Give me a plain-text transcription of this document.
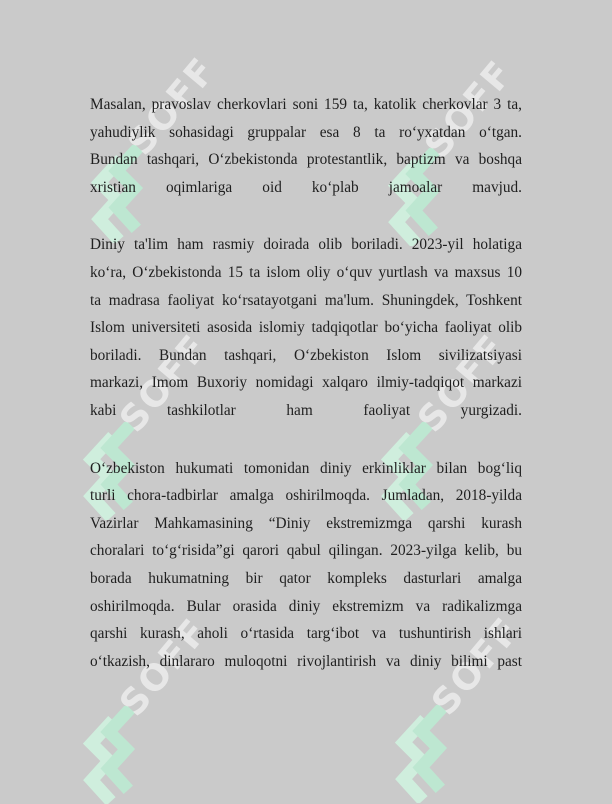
SOFF	SOFF
SOFF	SOFF
SOFF	SOFF

Masalan, pravoslav cherkovlari soni 159 ta, katolik cherkovlar 3 ta,
yahudiylik sohasidagi gruppalar esa 8 ta ro‘yxatdan o‘tgan.
Bundan tashqari, O‘zbekistonda protestantlik, baptizm va boshqa
xristian oqimlariga oid ko‘plab jamoalar mavjud.

Diniy ta'lim ham rasmiy doirada olib boriladi. 2023-yil holatiga
ko‘ra, O‘zbekistonda 15 ta islom oliy o‘quv yurtlash va maxsus 10
ta madrasa faoliyat ko‘rsatayotgani ma'lum. Shuningdek, Toshkent
Islom universiteti asosida islomiy tadqiqotlar bo‘yicha faoliyat olib
boriladi. Bundan tashqari, O‘zbekiston Islom sivilizatsiyasi
markazi, Imom Buxoriy nomidagi xalqaro ilmiy-tadqiqot markazi
kabi tashkilotlar ham faoliyat yurgizadi.

O‘zbekiston hukumati tomonidan diniy erkinliklar bilan bog‘liq
turli chora-tadbirlar amalga oshirilmoqda. Jumladan, 2018-yilda
Vazirlar Mahkamasining “Diniy ekstremizmga qarshi kurash
choralari to‘g‘risida”gi qarori qabul qilingan. 2023-yilga kelib, bu
borada hukumatning bir qator kompleks dasturlari amalga
oshirilmoqda. Bular orasida diniy ekstremizm va radikalizmga
qarshi kurash, aholi o‘rtasida targ‘ibot va tushuntirish ishlari
o‘tkazish, dinlararo muloqotni rivojlantirish va diniy bilimi past
